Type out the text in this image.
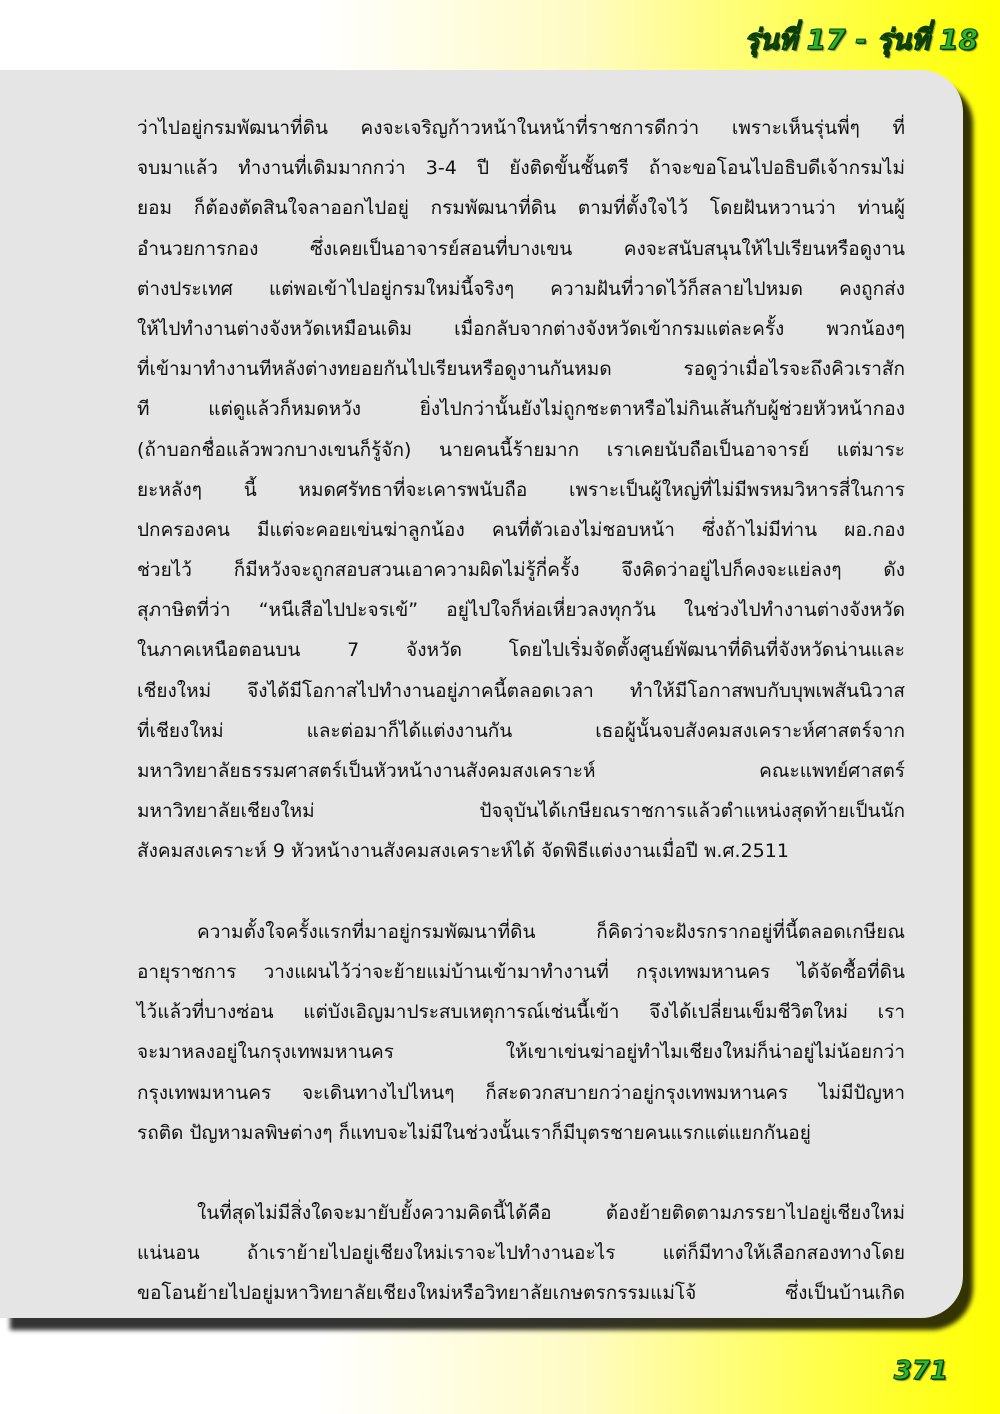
รุ่นที่ 17 - รุ่นที่ 18
ว่าไปอยู่กรมพัฒนาที่ดิน คงจะเจริญก้าวหน้าในหน้าที่ราชการดีกว่า เพราะเห็นรุ่นพี่ๆ ที่
จบมาแล้ว ทำงานที่เดิมมากกว่า 3-4 ปี ยังติดขั้นชั้นตรี ถ้าจะขอโอนไปอธิบดีเจ้ากรมไม่
ยอม ก็ต้องตัดสินใจลาออกไปอยู่ กรมพัฒนาที่ดิน ตามที่ตั้งใจไว้ โดยฝันหวานว่า ท่านผู้
อำนวยการกอง ซึ่งเคยเป็นอาจารย์สอนที่บางเขน คงจะสนับสนุนให้ไปเรียนหรือดูงาน
ต่างประเทศ แต่พอเข้าไปอยู่กรมใหม่นี้จริงๆ ความฝันที่วาดไว้ก็สลายไปหมด คงถูกส่ง
ให้ไปทำงานต่างจังหวัดเหมือนเดิม เมื่อกลับจากต่างจังหวัดเข้ากรมแต่ละครั้ง พวกน้องๆ
ที่เข้ามาทำงานทีหลังต่างทยอยกันไปเรียนหรือดูงานกันหมด รอดูว่าเมื่อไรจะถึงคิวเราสัก
ที แต่ดูแล้วก็หมดหวัง ยิ่งไปกว่านั้นยังไม่ถูกชะตาหรือไม่กินเส้นกับผู้ช่วยหัวหน้ากอง
(ถ้าบอกชื่อแล้วพวกบางเขนก็รู้จัก) นายคนนี้ร้ายมาก เราเคยนับถือเป็นอาจารย์ แต่มาระ
ยะหลังๆ นี้ หมดศรัทธาที่จะเคารพนับถือ เพราะเป็นผู้ใหญ่ที่ไม่มีพรหมวิหารสี่ในการ
ปกครองคน มีแต่จะคอยเข่นฆ่าลูกน้อง คนที่ตัวเองไม่ชอบหน้า ซึ่งถ้าไม่มีท่าน ผอ.กอง
ช่วยไว้ ก็มีหวังจะถูกสอบสวนเอาความผิดไม่รู้กี่ครั้ง จึงคิดว่าอยู่ไปก็คงจะแย่ลงๆ ดัง
สุภาษิตที่ว่า “หนีเสือไปปะจรเข้” อยู่ไปใจก็ห่อเหี่ยวลงทุกวัน ในช่วงไปทำงานต่างจังหวัด
ในภาคเหนือตอนบน 7 จังหวัด โดยไปเริ่มจัดตั้งศูนย์พัฒนาที่ดินที่จังหวัดน่านและ
เชียงใหม่ จึงได้มีโอกาสไปทำงานอยู่ภาคนี้ตลอดเวลา ทำให้มีโอกาสพบกับบุพเพสันนิวาส
ที่เชียงใหม่ และต่อมาก็ได้แต่งงานกัน เธอผู้นั้นจบสังคมสงเคราะห์ศาสตร์จาก
มหาวิทยาลัยธรรมศาสตร์เป็นหัวหน้างานสังคมสงเคราะห์ คณะแพทย์ศาสตร์
มหาวิทยาลัยเชียงใหม่ ปัจจุบันได้เกษียณราชการแล้วตำแหน่งสุดท้ายเป็นนัก
สังคมสงเคราะห์ 9 หัวหน้างานสังคมสงเคราะห์ได้ จัดพิธีแต่งงานเมื่อปี พ.ศ.2511
ความตั้งใจครั้งแรกที่มาอยู่กรมพัฒนาที่ดิน ก็คิดว่าจะฝังรกรากอยู่ที่นี้ตลอดเกษียณ
อายุราชการ วางแผนไว้ว่าจะย้ายแม่บ้านเข้ามาทำงานที่ กรุงเทพมหานคร ได้จัดซื้อที่ดิน
ไว้แล้วที่บางซ่อน แต่บังเอิญมาประสบเหตุการณ์เช่นนี้เข้า จึงได้เปลี่ยนเข็มชีวิตใหม่ เรา
จะมาหลงอยู่ในกรุงเทพมหานคร ให้เขาเข่นฆ่าอยู่ทำไมเชียงใหม่ก็น่าอยู่ไม่น้อยกว่า
กรุงเทพมหานคร จะเดินทางไปไหนๆ ก็สะดวกสบายกว่าอยู่กรุงเทพมหานคร ไม่มีปัญหา
รถติด ปัญหามลพิษต่างๆ ก็แทบจะไม่มีในช่วงนั้นเราก็มีบุตรชายคนแรกแต่แยกกันอยู่
ในที่สุดไม่มีสิ่งใดจะมายับยั้งความคิดนี้ได้คือ ต้องย้ายติดตามภรรยาไปอยู่เชียงใหม่
แน่นอน ถ้าเราย้ายไปอยู่เชียงใหม่เราจะไปทำงานอะไร แต่ก็มีทางให้เลือกสองทางโดย
ขอโอนย้ายไปอยู่มหาวิทยาลัยเชียงใหม่หรือวิทยาลัยเกษตรกรรมแม่โจ้ ซึ่งเป็นบ้านเกิด
371
